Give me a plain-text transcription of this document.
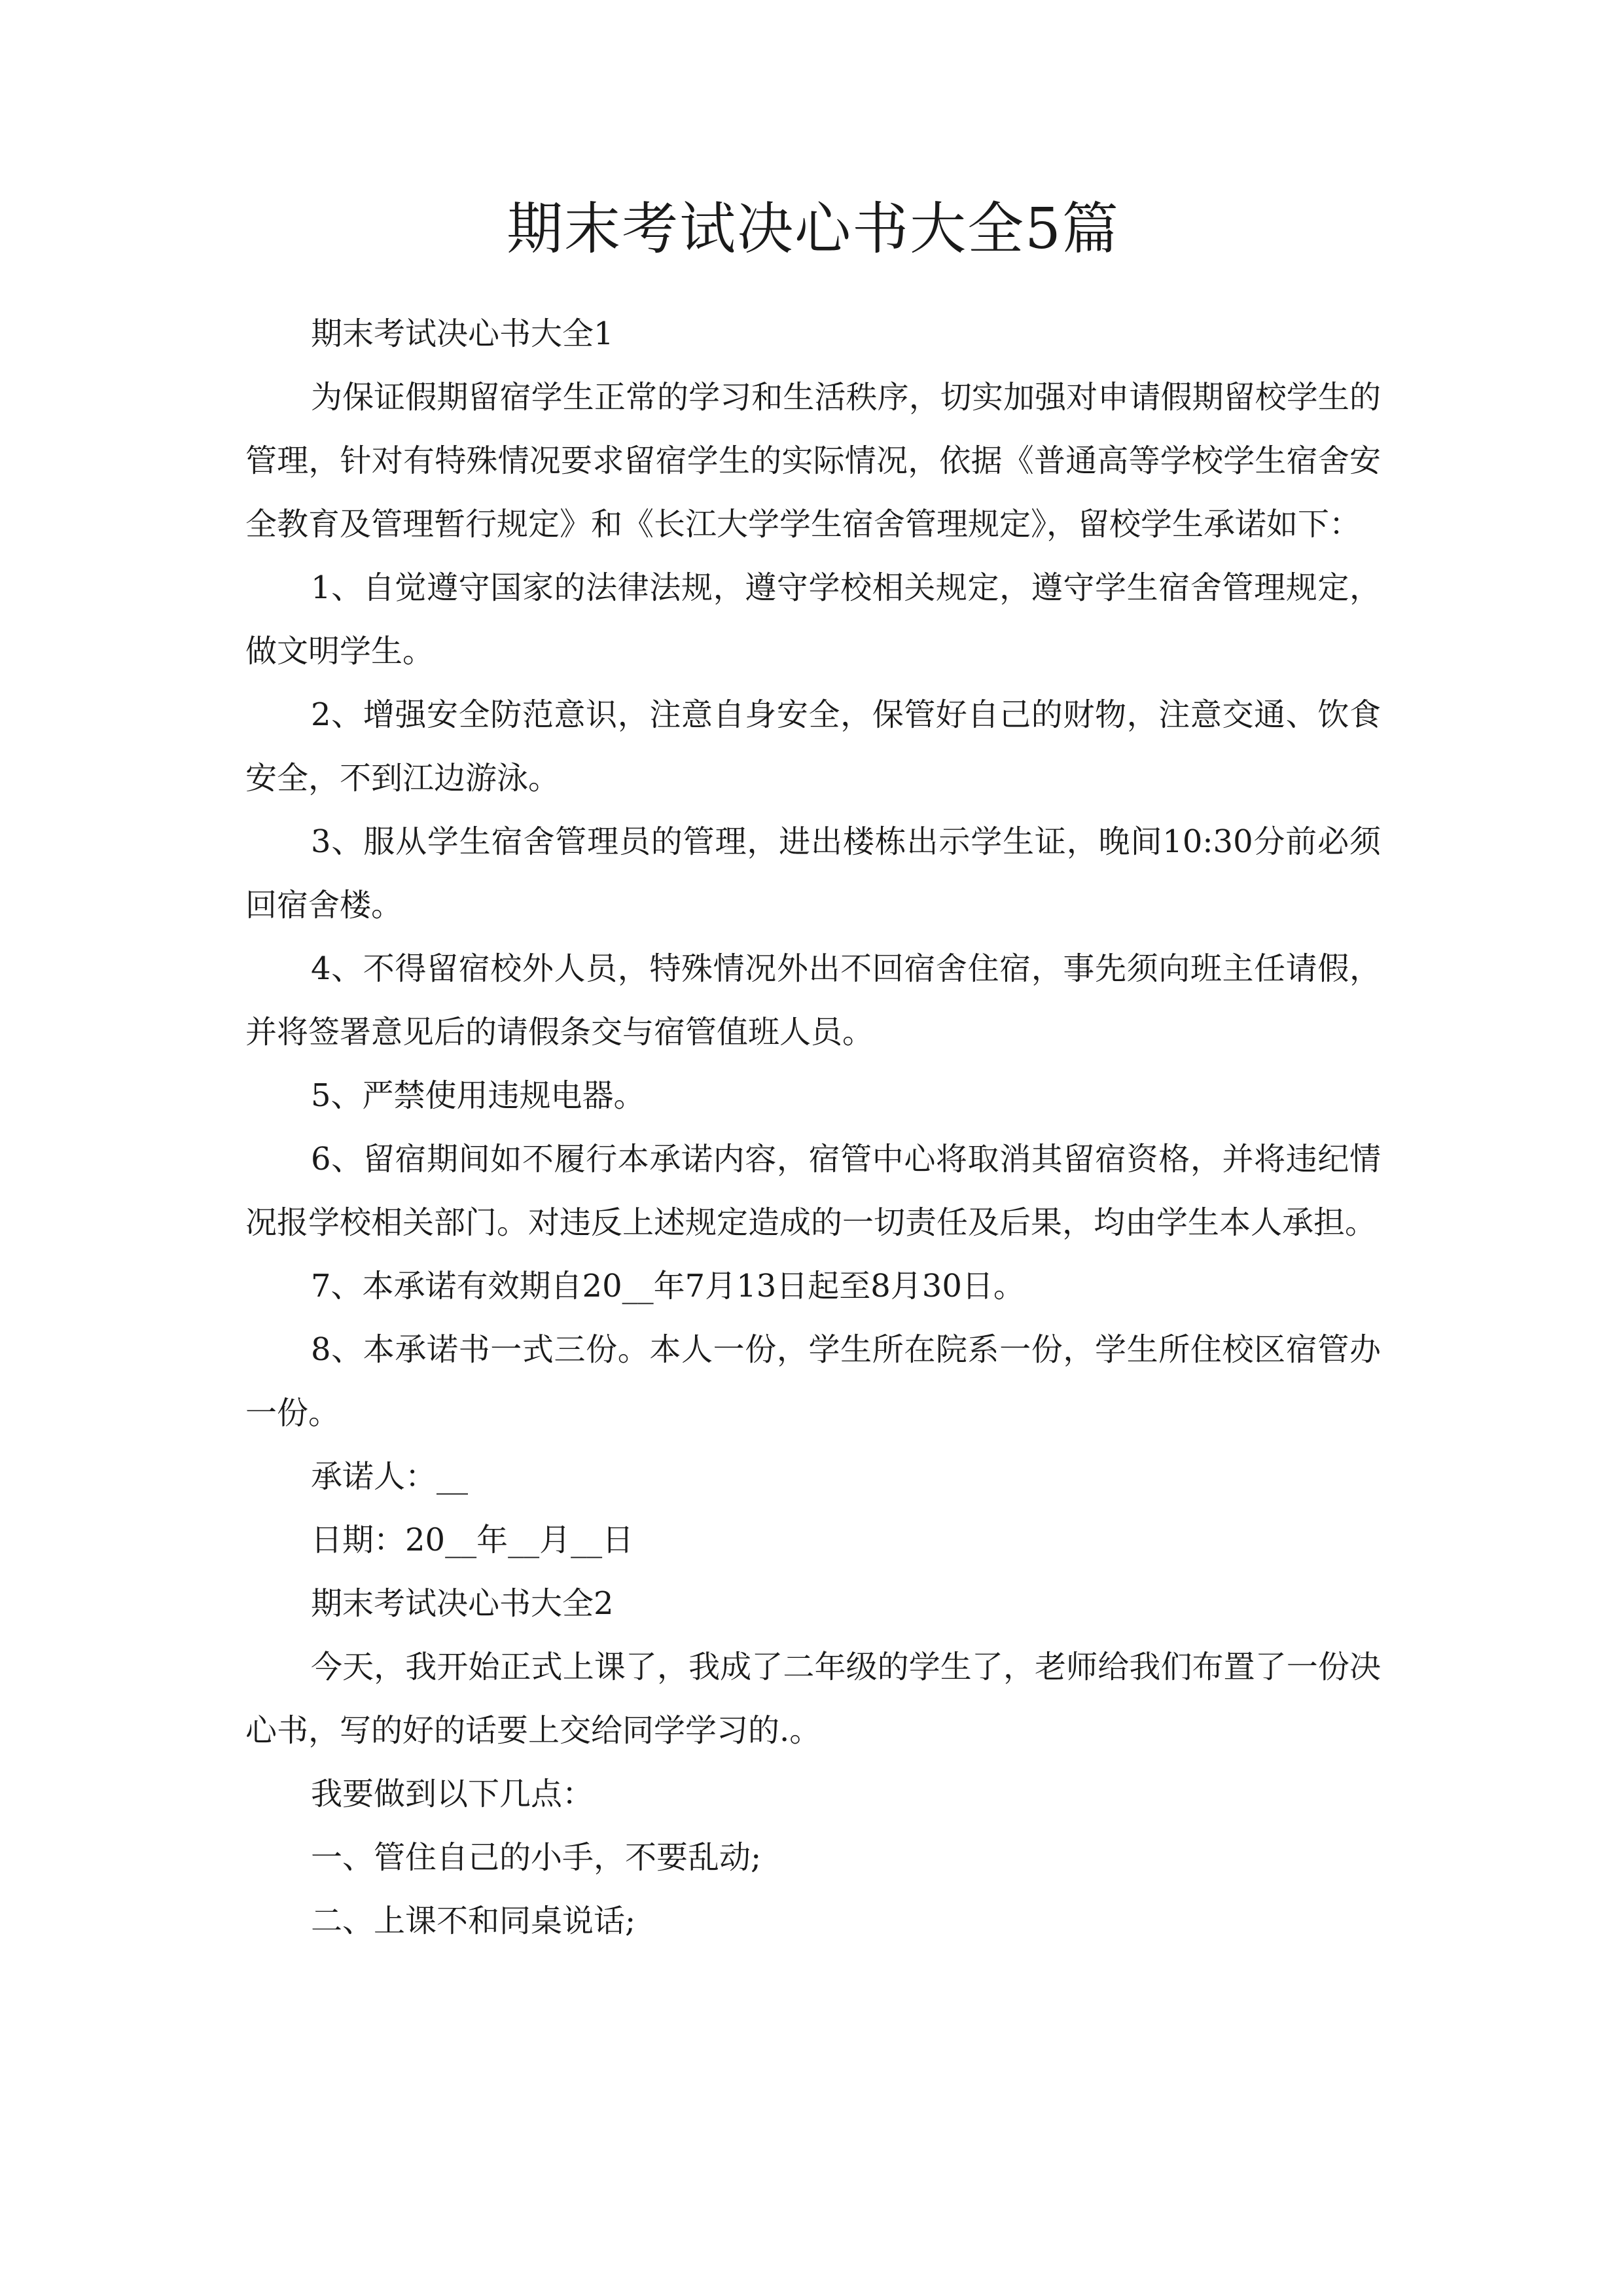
期末考试决心书大全5篇

期末考试决心书大全1

为保证假期留宿学生正常的学习和生活秩序，切实加强对申请假期留校学生的管理，针对有特殊情况要求留宿学生的实际情况，依据《普通高等学校学生宿舍安全教育及管理暂行规定》和《长江大学学生宿舍管理规定》，留校学生承诺如下：

1、自觉遵守国家的法律法规，遵守学校相关规定，遵守学生宿舍管理规定，做文明学生。

2、增强安全防范意识，注意自身安全，保管好自己的财物，注意交通、饮食安全，不到江边游泳。

3、服从学生宿舍管理员的管理，进出楼栋出示学生证，晚间10:30分前必须回宿舍楼。

4、不得留宿校外人员，特殊情况外出不回宿舍住宿，事先须向班主任请假，并将签署意见后的请假条交与宿管值班人员。

5、严禁使用违规电器。

6、留宿期间如不履行本承诺内容，宿管中心将取消其留宿资格，并将违纪情况报学校相关部门。对违反上述规定造成的一切责任及后果，均由学生本人承担。

7、本承诺有效期自20__年7月13日起至8月30日。

8、本承诺书一式三份。本人一份，学生所在院系一份，学生所住校区宿管办一份。

承诺人：__

日期：20__年__月__日

期末考试决心书大全2

今天，我开始正式上课了，我成了二年级的学生了，老师给我们布置了一份决心书，写的好的话要上交给同学学习的.。

我要做到以下几点：

一、管住自己的小手，不要乱动;

二、上课不和同桌说话;
